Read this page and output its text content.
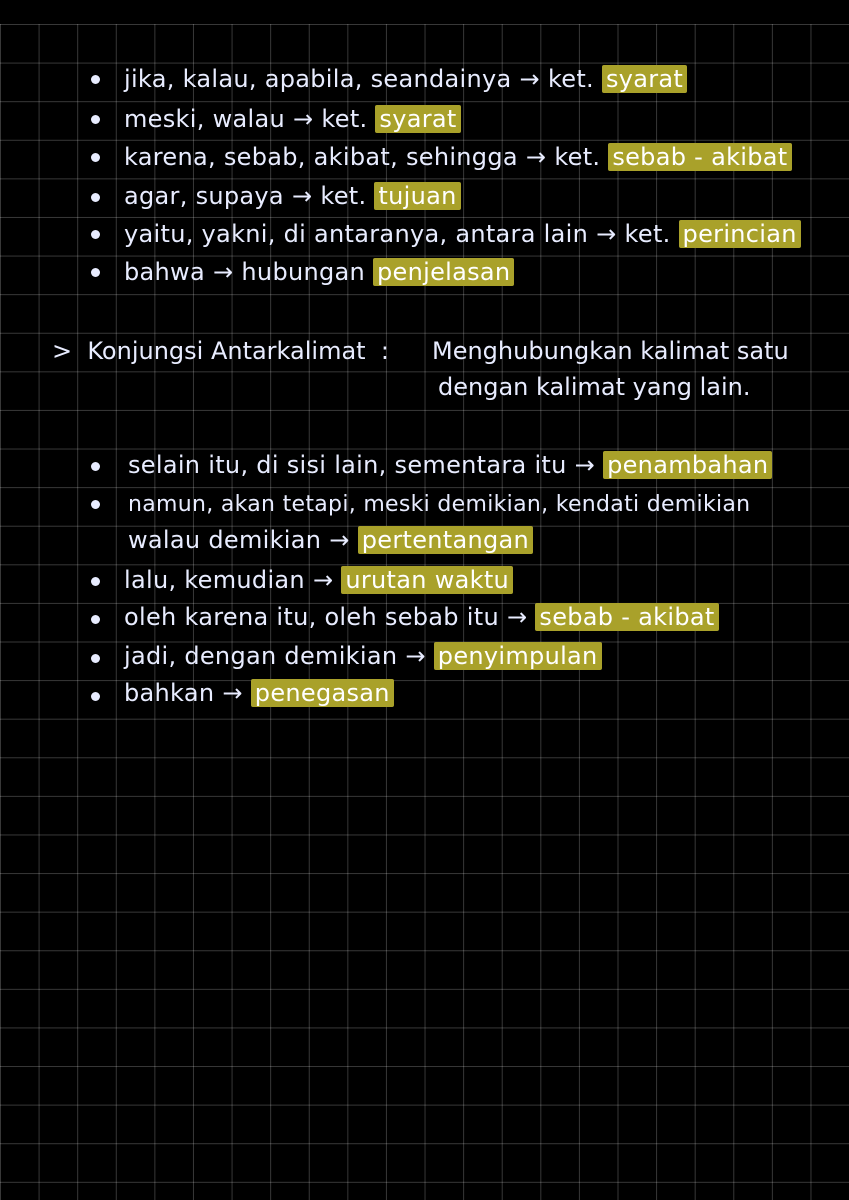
jika, kalau, apabila, seandainya → ket. syarat
meski, walau → ket. syarat
karena, sebab, akibat, sehingga → ket. sebab - akibat
agar, supaya → ket. tujuan
yaitu, yakni, di antaranya, antara lain → ket. perincian
bahwa → hubungan penjelasan
> Konjungsi Antarkalimat : Menghubungkan kalimat satu
dengan kalimat yang lain.
selain itu, di sisi lain, sementara itu → penambahan
namun, akan tetapi, meski demikian, kendati demikian
walau demikian → pertentangan
lalu, kemudian → urutan waktu
oleh karena itu, oleh sebab itu → sebab - akibat
jadi, dengan demikian → penyimpulan
bahkan → penegasan
